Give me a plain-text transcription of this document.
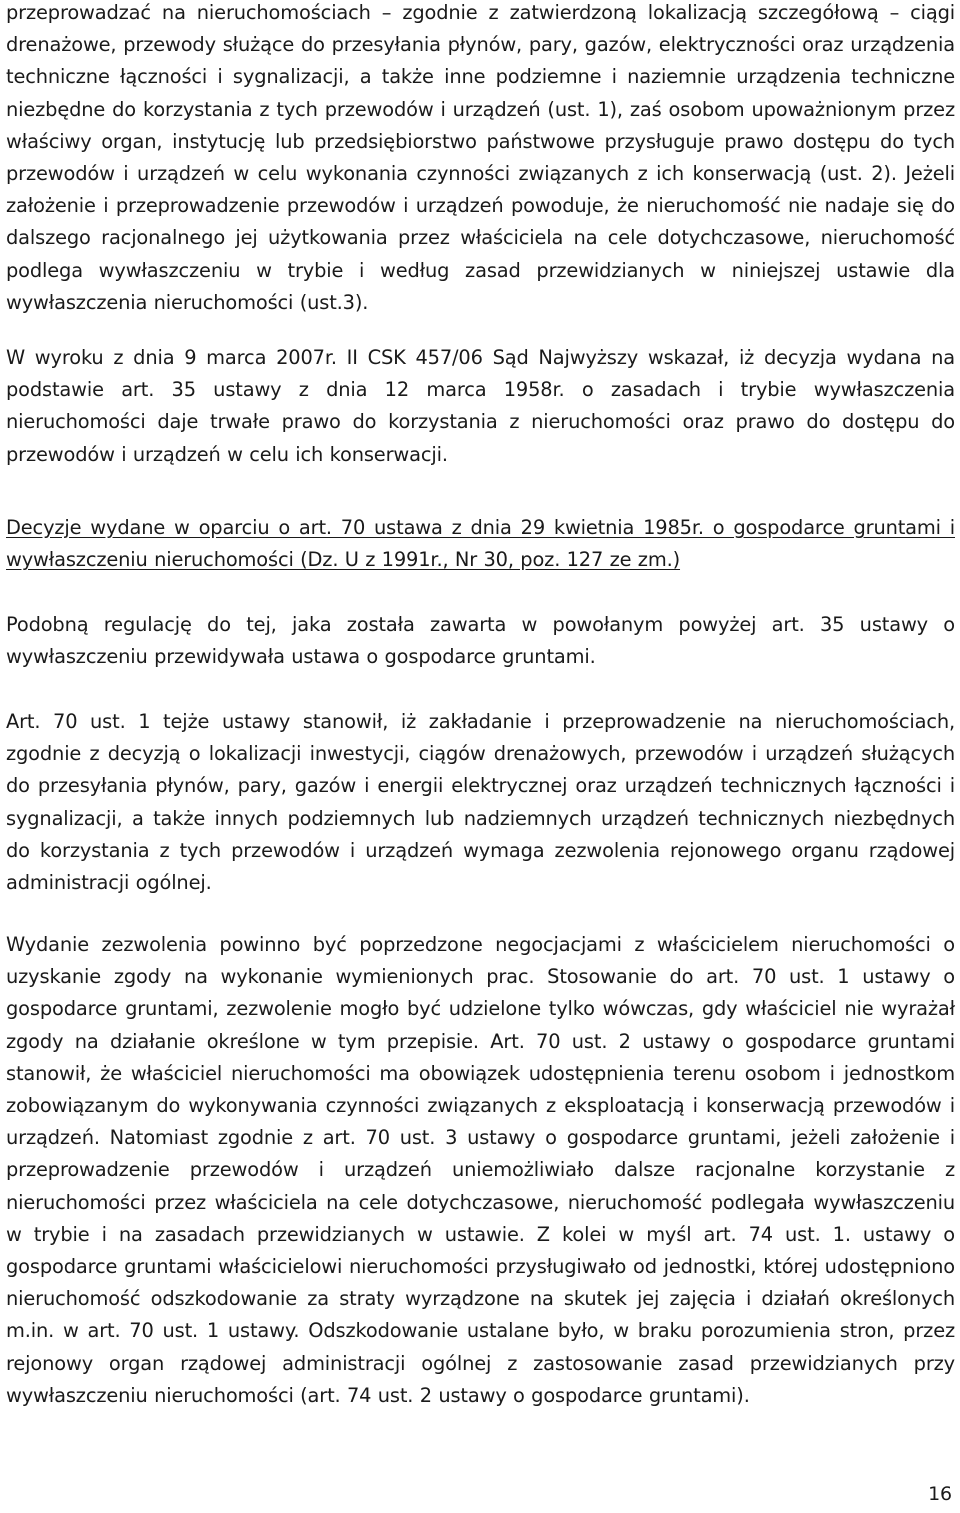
przeprowadzać na nieruchomościach – zgodnie z zatwierdzoną lokalizacją szczegółową – ciągi drenażowe, przewody służące do przesyłania płynów, pary, gazów, elektryczności oraz urządzenia techniczne łączności i sygnalizacji, a także inne podziemne i naziemnie urządzenia techniczne niezbędne do korzystania z tych przewodów i urządzeń (ust. 1), zaś osobom upoważnionym przez właściwy organ, instytucję lub przedsiębiorstwo państwowe przysługuje prawo dostępu do tych przewodów i urządzeń w celu wykonania czynności związanych z ich konserwacją (ust. 2). Jeżeli założenie i przeprowadzenie przewodów i urządzeń powoduje, że nieruchomość nie nadaje się do dalszego racjonalnego jej użytkowania przez właściciela na cele dotychczasowe, nieruchomość podlega wywłaszczeniu w trybie i według zasad przewidzianych w niniejszej ustawie dla wywłaszczenia nieruchomości (ust.3).

W wyroku z dnia 9 marca 2007r. II CSK 457/06 Sąd Najwyższy wskazał, iż decyzja wydana na podstawie art. 35 ustawy z dnia 12 marca 1958r. o zasadach i trybie wywłaszczenia nieruchomości daje trwałe prawo do korzystania z nieruchomości oraz prawo do dostępu do przewodów i urządzeń w celu ich konserwacji.

Decyzje wydane w oparciu o art. 70 ustawa z dnia 29 kwietnia 1985r. o gospodarce gruntami i wywłaszczeniu nieruchomości (Dz. U z 1991r., Nr 30, poz. 127 ze zm.)

Podobną regulację do tej, jaka została zawarta w powołanym powyżej art. 35 ustawy o wywłaszczeniu przewidywała ustawa o gospodarce gruntami.

Art. 70 ust. 1 tejże ustawy stanowił, iż zakładanie i przeprowadzenie na nieruchomościach, zgodnie z decyzją o lokalizacji inwestycji, ciągów drenażowych, przewodów i urządzeń służących do przesyłania płynów, pary, gazów i energii elektrycznej oraz urządzeń technicznych łączności i sygnalizacji, a także innych podziemnych lub nadziemnych urządzeń technicznych niezbędnych do korzystania z tych przewodów i urządzeń wymaga zezwolenia rejonowego organu rządowej administracji ogólnej.

Wydanie zezwolenia powinno być poprzedzone negocjacjami z właścicielem nieruchomości o uzyskanie zgody na wykonanie wymienionych prac. Stosowanie do art. 70 ust. 1 ustawy o gospodarce gruntami, zezwolenie mogło być udzielone tylko wówczas, gdy właściciel nie wyrażał zgody na działanie określone w tym przepisie. Art. 70 ust. 2 ustawy o gospodarce gruntami stanowił, że właściciel nieruchomości ma obowiązek udostępnienia terenu osobom i jednostkom zobowiązanym do wykonywania czynności związanych z eksploatacją i konserwacją przewodów i urządzeń. Natomiast zgodnie z art. 70 ust. 3 ustawy o gospodarce gruntami, jeżeli założenie i przeprowadzenie przewodów i urządzeń uniemożliwiało dalsze racjonalne korzystanie z nieruchomości przez właściciela na cele dotychczasowe, nieruchomość podlegała wywłaszczeniu w trybie i na zasadach przewidzianych w ustawie. Z kolei w myśl art. 74 ust. 1. ustawy o gospodarce gruntami właścicielowi nieruchomości przysługiwało od jednostki, której udostępniono nieruchomość odszkodowanie za straty wyrządzone na skutek jej zajęcia i działań określonych m.in. w art. 70 ust. 1 ustawy. Odszkodowanie ustalane było, w braku porozumienia stron, przez rejonowy organ rządowej administracji ogólnej z zastosowanie zasad przewidzianych przy wywłaszczeniu nieruchomości (art. 74 ust. 2 ustawy o gospodarce gruntami).

16
